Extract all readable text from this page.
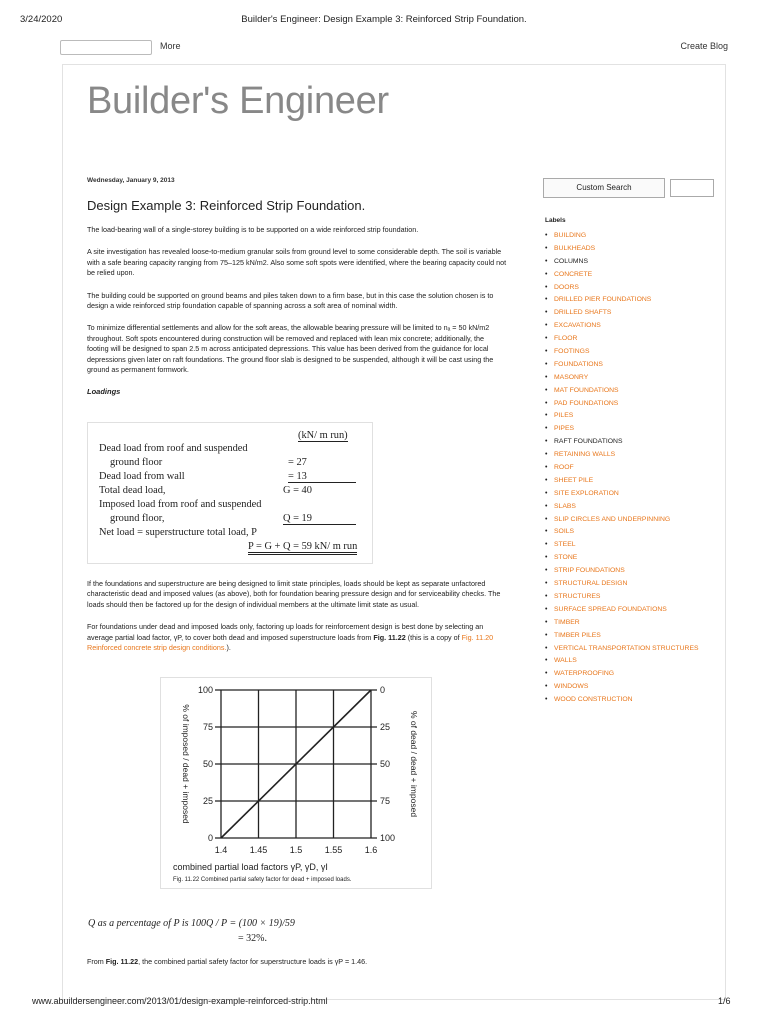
3/24/2020	Builder's Engineer: Design Example 3: Reinforced Strip Foundation.
More	Create Blog
Builder's Engineer
Wednesday, January 9, 2013
Design Example 3: Reinforced Strip Foundation.
The load-bearing wall of a single-storey building is to be supported on a wide reinforced strip foundation.
A site investigation has revealed loose-to-medium granular soils from ground level to some considerable depth. The soil is variable with a safe bearing capacity ranging from 75–125 kN/m2. Also some soft spots were identified, where the bearing capacity could not be relied upon.
The building could be supported on ground beams and piles taken down to a firm base, but in this case the solution chosen is to design a wide reinforced strip foundation capable of spanning across a soft area of nominal width.
To minimize differential settlements and allow for the soft areas, the allowable bearing pressure will be limited to nₐ = 50 kN/m2 throughout. Soft spots encountered during construction will be removed and replaced with lean mix concrete; additionally, the footing will be designed to span 2.5 m across anticipated depressions. This value has been derived from the guidance for local depressions given later on raft foundations. The ground floor slab is designed to be suspended, although it will be cast using the ground as permanent formwork.
Loadings
(kN/ m run)
Dead load from roof and suspended
ground floor	= 27
Dead load from wall	= 13
Total dead load,	G = 40
Imposed load from roof and suspended
ground floor,	Q = 19
Net load = superstructure total load, P
P = G + Q = 59 kN/ m run
If the foundations and superstructure are being designed to limit state principles, loads should be kept as separate unfactored characteristic dead and imposed values (as above), both for foundation bearing pressure design and for serviceability checks. The loads should then be factored up for the design of individual members at the ultimate limit state as usual.
For foundations under dead and imposed loads only, factoring up loads for reinforcement design is best done by selecting an average partial load factor, γP, to cover both dead and imposed superstructure loads from Fig. 11.22 (this is a copy of Fig. 11.20 Reinforced concrete strip design conditions.).
1.4 1.45 1.5 1.55 1.6
0
25
50
75
100
100
75
50
25
0
% of imposed / dead + imposed	% of dead / dead + imposed
combined partial load factors γP, γD, γI
Fig. 11.22 Combined partial safety factor for dead + imposed loads.
Q as a percentage of P is 100Q / P = (100 × 19)/59
= 32%.
From Fig. 11.22, the combined partial safety factor for superstructure loads is γP = 1.46.
Custom Search
Labels
• BUILDING
• BULKHEADS
• COLUMNS
• CONCRETE
• DOORS
• DRILLED PIER FOUNDATIONS
• DRILLED SHAFTS
• EXCAVATIONS
• FLOOR
• FOOTINGS
• FOUNDATIONS
• MASONRY
• MAT FOUNDATIONS
• PAD FOUNDATIONS
• PILES
• PIPES
• RAFT FOUNDATIONS
• RETAINING WALLS
• ROOF
• SHEET PILE
• SITE EXPLORATION
• SLABS
• SLIP CIRCLES AND UNDERPINNING
• SOILS
• STEEL
• STONE
• STRIP FOUNDATIONS
• STRUCTURAL DESIGN
• STRUCTURES
• SURFACE SPREAD FOUNDATIONS
• TIMBER
• TIMBER PILES
• VERTICAL TRANSPORTATION STRUCTURES
• WALLS
• WATERPROOFING
• WINDOWS
• WOOD CONSTRUCTION
www.abuildersengineer.com/2013/01/design-example-reinforced-strip.html	1/6
